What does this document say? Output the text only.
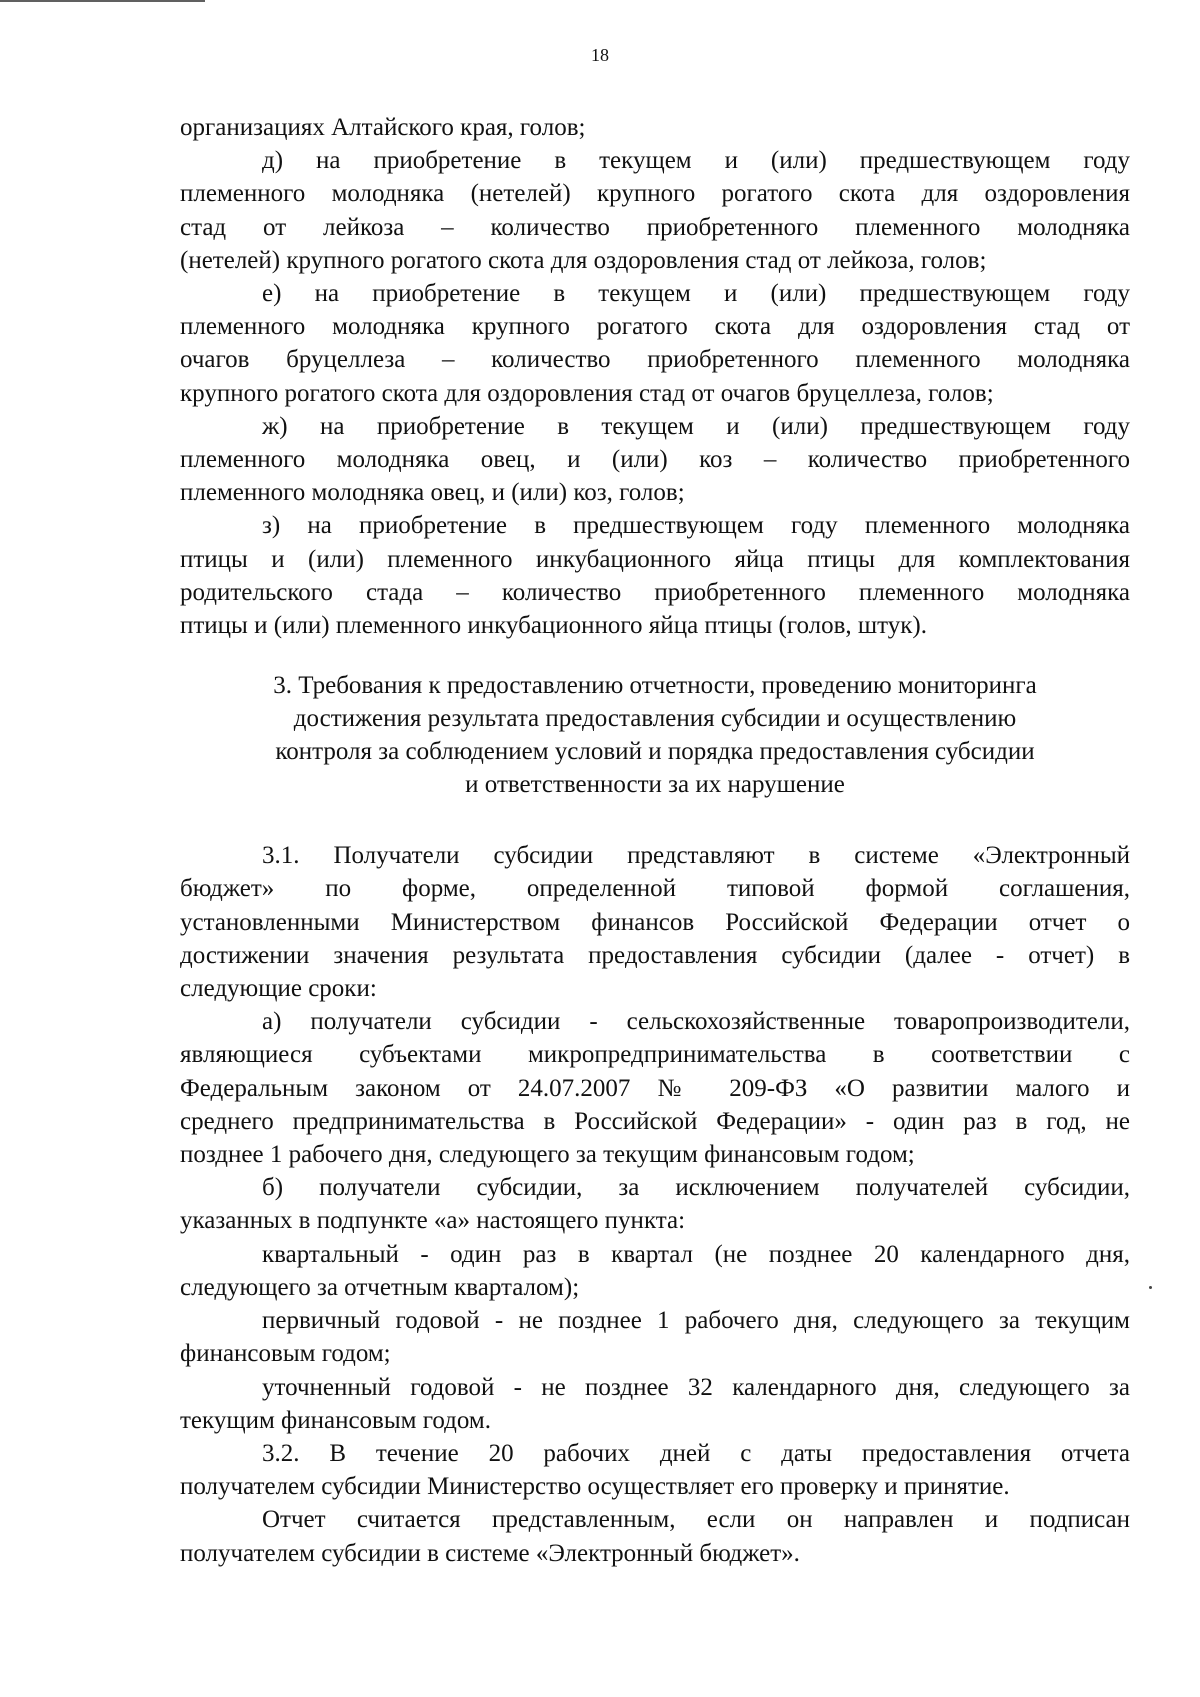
18

организациях Алтайского края, голов;

д) на приобретение в текущем и (или) предшествующем году

племенного молодняка (нетелей) крупного рогатого скота для оздоровления

стад от лейкоза – количество приобретенного племенного молодняка

(нетелей) крупного рогатого скота для оздоровления стад от лейкоза, голов;

е) на приобретение в текущем и (или) предшествующем году

племенного молодняка крупного рогатого скота для оздоровления стад от

очагов бруцеллеза – количество приобретенного племенного молодняка

крупного рогатого скота для оздоровления стад от очагов бруцеллеза, голов;

ж) на приобретение в текущем и (или) предшествующем году

племенного молодняка овец, и (или) коз – количество приобретенного

племенного молодняка овец, и (или) коз, голов;

з) на приобретение в предшествующем году племенного молодняка

птицы и (или) племенного инкубационного яйца птицы для комплектования

родительского стада – количество приобретенного племенного молодняка

птицы и (или) племенного инкубационного яйца птицы (голов, штук).

3. Требования к предоставлению отчетности, проведению мониторинга

достижения результата предоставления субсидии и осуществлению

контроля за соблюдением условий и порядка предоставления субсидии

и ответственности за их нарушение

3.1. Получатели субсидии представляют в системе «Электронный

бюджет» по форме, определенной типовой формой соглашения,

установленными Министерством финансов Российской Федерации отчет о

достижении значения результата предоставления субсидии (далее - отчет) в

следующие сроки:

а) получатели субсидии - сельскохозяйственные товаропроизводители,

являющиеся субъектами микропредпринимательства в соответствии с

Федеральным законом от 24.07.2007 № 209-ФЗ «О развитии малого и

среднего предпринимательства в Российской Федерации» - один раз в год, не

позднее 1 рабочего дня, следующего за текущим финансовым годом;

б) получатели субсидии, за исключением получателей субсидии,

указанных в подпункте «а» настоящего пункта:

квартальный - один раз в квартал (не позднее 20 календарного дня,

следующего за отчетным кварталом);

первичный годовой - не позднее 1 рабочего дня, следующего за текущим

финансовым годом;

уточненный годовой - не позднее 32 календарного дня, следующего за

текущим финансовым годом.

3.2. В течение 20 рабочих дней с даты предоставления отчета

получателем субсидии Министерство осуществляет его проверку и принятие.

Отчет считается представленным, если он направлен и подписан

получателем субсидии в системе «Электронный бюджет».
